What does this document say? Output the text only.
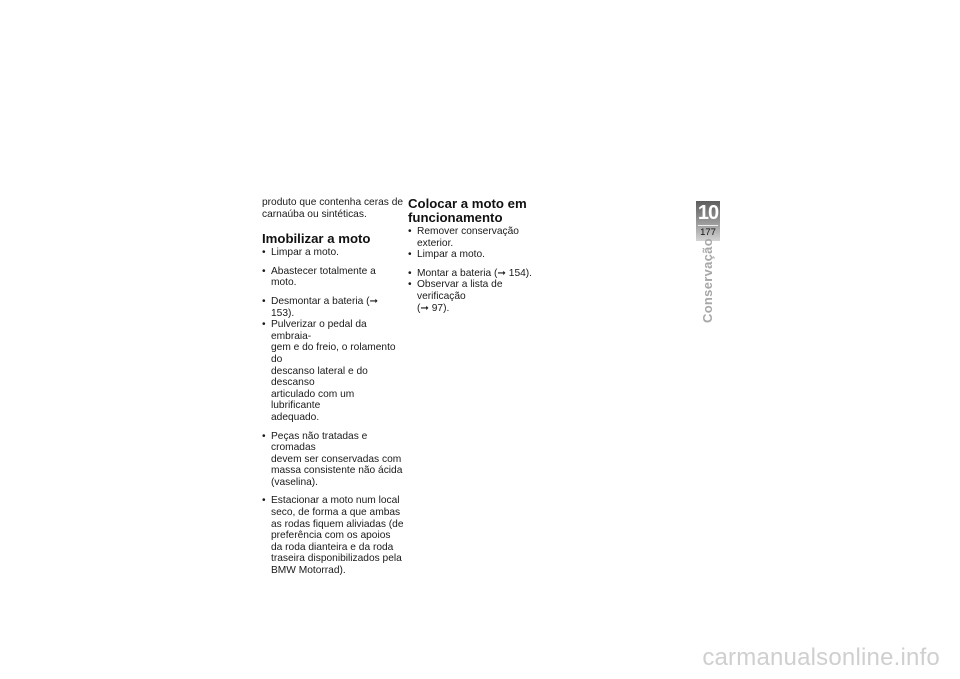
produto que contenha ceras de
carnaúba ou sintéticas.

Imobilizar a moto
• Limpar a moto.
• Abastecer totalmente a moto.
• Desmontar a bateria (➞ 153).
• Pulverizar o pedal da embraia-
gem e do freio, o rolamento do
descanso lateral e do descanso
articulado com um lubrificante
adequado.
• Peças não tratadas e cromadas
devem ser conservadas com
massa consistente não ácida
(vaselina).
• Estacionar a moto num local
seco, de forma a que ambas
as rodas fiquem aliviadas (de
preferência com os apoios
da roda dianteira e da roda
traseira disponibilizados pela
BMW Motorrad).
Colocar a moto em
funcionamento
• Remover conservação exterior.
• Limpar a moto.
• Montar a bateria (➞ 154).
• Observar a lista de verificação
(➞ 97).
10
177
Conservação
carmanualsonline.info
